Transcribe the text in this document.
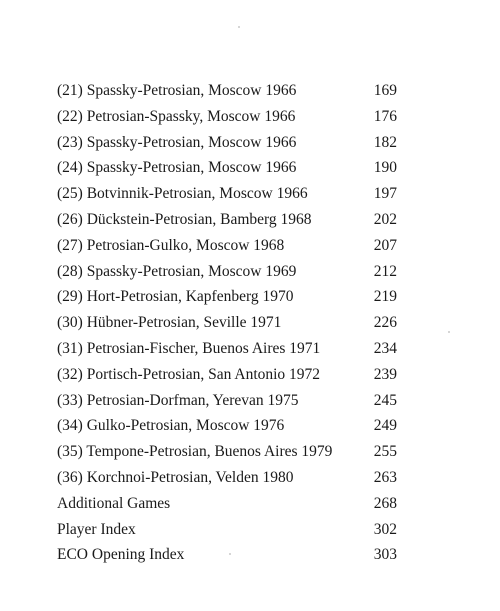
(21) Spassky-Petrosian, Moscow 1966	169
(22) Petrosian-Spassky, Moscow 1966	176
(23) Spassky-Petrosian, Moscow 1966	182
(24) Spassky-Petrosian, Moscow 1966	190
(25) Botvinnik-Petrosian, Moscow 1966	197
(26) Dückstein-Petrosian, Bamberg 1968	202
(27) Petrosian-Gulko, Moscow 1968	207
(28) Spassky-Petrosian, Moscow 1969	212
(29) Hort-Petrosian, Kapfenberg 1970	219
(30) Hübner-Petrosian, Seville 1971	226
(31) Petrosian-Fischer, Buenos Aires 1971	234
(32) Portisch-Petrosian, San Antonio 1972	239
(33) Petrosian-Dorfman, Yerevan 1975	245
(34) Gulko-Petrosian, Moscow 1976	249
(35) Tempone-Petrosian, Buenos Aires 1979	255
(36) Korchnoi-Petrosian, Velden 1980	263
Additional Games	268
Player Index	302
ECO Opening Index	303
